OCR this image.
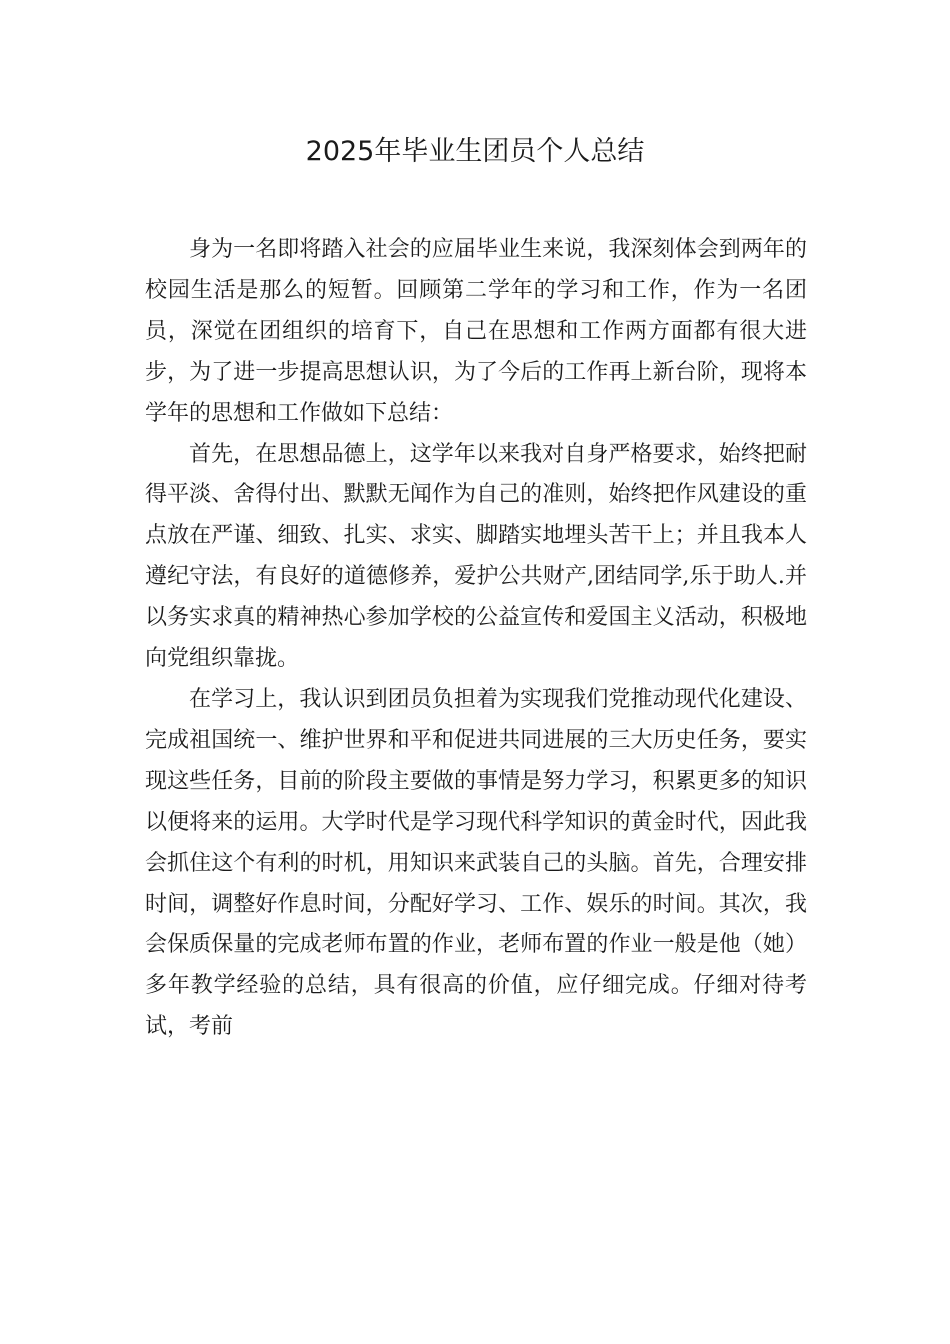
2025年毕业生团员个人总结

身为一名即将踏入社会的应届毕业生来说，我深刻体会到两年的校园生活是那么的短暂。回顾第二学年的学习和工作，作为一名团员，深觉在团组织的培育下，自己在思想和工作两方面都有很大进步，为了进一步提高思想认识，为了今后的工作再上新台阶，现将本学年的思想和工作做如下总结：

首先，在思想品德上，这学年以来我对自身严格要求，始终把耐得平淡、舍得付出、默默无闻作为自己的准则，始终把作风建设的重点放在严谨、细致、扎实、求实、脚踏实地埋头苦干上；并且我本人遵纪守法，有良好的道德修养，爱护公共财产,团结同学,乐于助人.并以务实求真的精神热心参加学校的公益宣传和爱国主义活动，积极地向党组织靠拢。

在学习上，我认识到团员负担着为实现我们党推动现代化建设、完成祖国统一、维护世界和平和促进共同进展的三大历史任务，要实现这些任务，目前的阶段主要做的事情是努力学习，积累更多的知识以便将来的运用。大学时代是学习现代科学知识的黄金时代，因此我会抓住这个有利的时机，用知识来武装自己的头脑。首先，合理安排时间，调整好作息时间，分配好学习、工作、娱乐的时间。其次，我会保质保量的完成老师布置的作业，老师布置的作业一般是他（她）多年教学经验的总结，具有很高的价值，应仔细完成。仔细对待考试，考前
